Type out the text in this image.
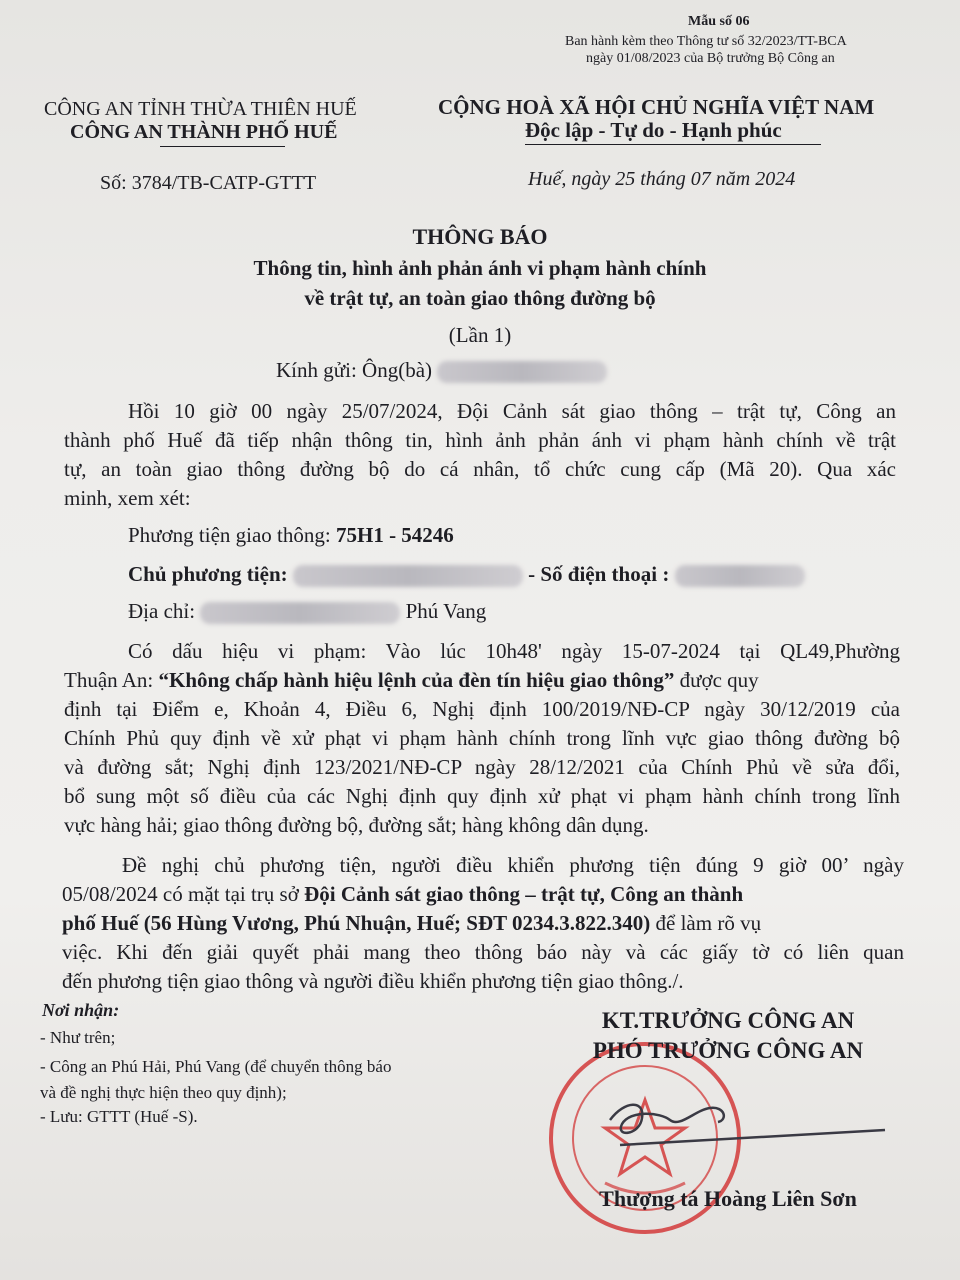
Mẫu số 06
Ban hành kèm theo Thông tư số 32/2023/TT-BCA
ngày 01/08/2023 của Bộ trưởng Bộ Công an
CÔNG AN TỈNH THỪA THIÊN HUẾ
CÔNG AN THÀNH PHỐ HUẾ
Số: 3784/TB-CATP-GTTT
CỘNG HOÀ XÃ HỘI CHỦ NGHĨA VIỆT NAM
Độc lập - Tự do - Hạnh phúc
Huế, ngày 25 tháng 07 năm 2024
THÔNG BÁO
Thông tin, hình ảnh phản ánh vi phạm hành chính
về trật tự, an toàn giao thông đường bộ
(Lần 1)
Kính gửi: Ông(bà)
Hồi 10 giờ 00 ngày 25/07/2024, Đội Cảnh sát giao thông – trật tự, Công an
thành phố Huế đã tiếp nhận thông tin, hình ảnh phản ánh vi phạm hành chính về trật
tự, an toàn giao thông đường bộ do cá nhân, tổ chức cung cấp (Mã 20). Qua xác
minh, xem xét:
Phương tiện giao thông: 75H1 - 54246
Chủ phương tiện:	- Số điện thoại :
Địa chỉ:	Phú Vang
Có dấu hiệu vi phạm: Vào lúc 10h48' ngày 15-07-2024 tại QL49,Phường
Thuận An: “Không chấp hành hiệu lệnh của đèn tín hiệu giao thông” được quy
định tại Điểm e, Khoản 4, Điều 6, Nghị định 100/2019/NĐ-CP ngày 30/12/2019 của
Chính Phủ quy định về xử phạt vi phạm hành chính trong lĩnh vực giao thông đường bộ
và đường sắt; Nghị định 123/2021/NĐ-CP ngày 28/12/2021 của Chính Phủ về sửa đổi,
bổ sung một số điều của các Nghị định quy định xử phạt vi phạm hành chính trong lĩnh
vực hàng hải; giao thông đường bộ, đường sắt; hàng không dân dụng.
Đề nghị chủ phương tiện, người điều khiển phương tiện đúng 9 giờ 00’ ngày
05/08/2024 có mặt tại trụ sở Đội Cảnh sát giao thông – trật tự, Công an thành
phố Huế (56 Hùng Vương, Phú Nhuận, Huế; SĐT 0234.3.822.340) để làm rõ vụ
việc. Khi đến giải quyết phải mang theo thông báo này và các giấy tờ có liên quan
đến phương tiện giao thông và người điều khiển phương tiện giao thông./.
Nơi nhận:
- Như trên;
- Công an Phú Hải, Phú Vang (để chuyển thông báo
và đề nghị thực hiện theo quy định);
- Lưu: GTTT (Huế -S).
KT.TRƯỞNG CÔNG AN
PHÓ TRƯỞNG CÔNG AN
Thượng tá Hoàng Liên Sơn
